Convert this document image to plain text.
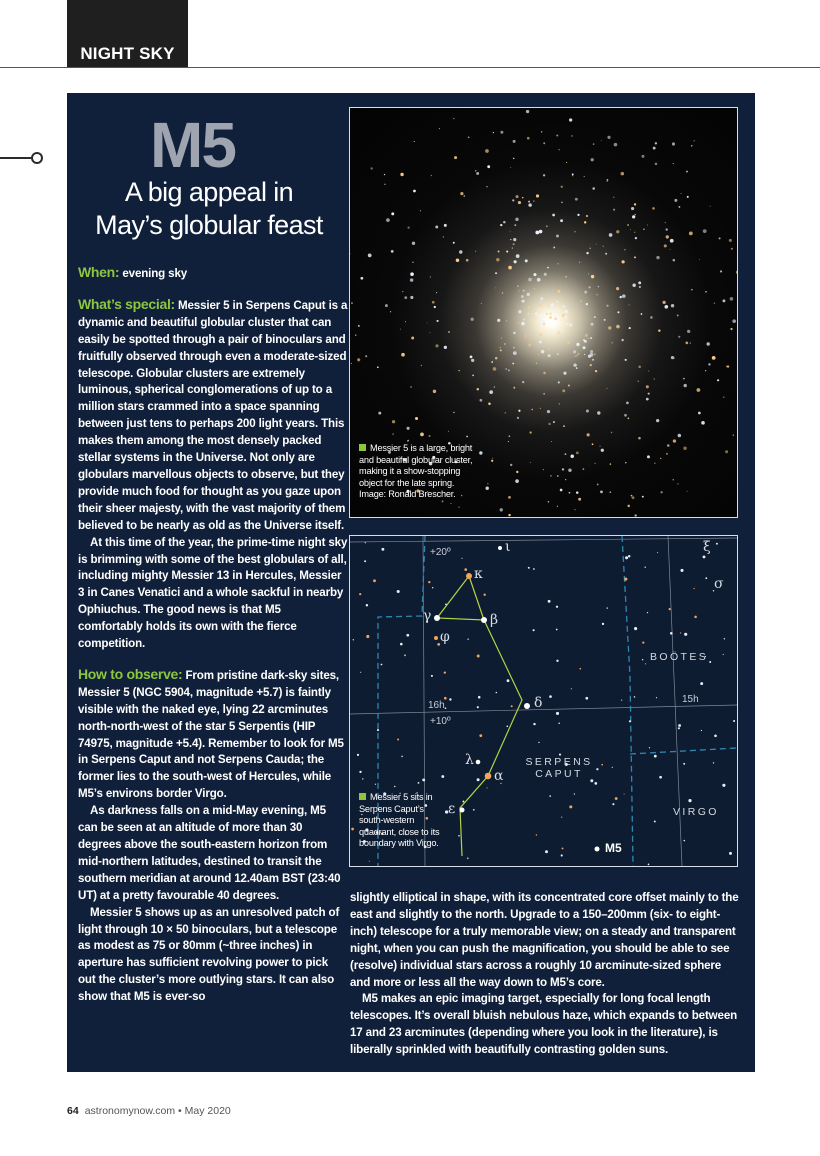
NIGHT SKY
M5
A big appeal in
May’s globular feast

When: evening sky

What’s special: Messier 5 in Serpens Caput is a dynamic and beautiful globular cluster that can easily be spotted through a pair of binoculars and fruitfully observed through even a moderate-sized telescope. Globular clusters are extremely luminous, spherical conglomerations of up to a million stars crammed into a space spanning between just tens to perhaps 200 light years. This makes them among the most densely packed stellar systems in the Universe. Not only are globulars marvellous objects to observe, but they provide much food for thought as you gaze upon their sheer majesty, with the vast majority of them believed to be nearly as old as the Universe itself.

At this time of the year, the prime-time night sky is brimming with some of the best globulars of all, including mighty Messier 13 in Hercules, Messier 3 in Canes Venatici and a whole sackful in nearby Ophiuchus. The good news is that M5 comfortably holds its own with the fierce competition.

How to observe: From pristine dark-sky sites, Messier 5 (NGC 5904, magnitude +5.7) is faintly visible with the naked eye, lying 22 arcminutes north-north-west of the star 5 Serpentis (HIP 74975, magnitude +5.4). Remember to look for M5 in Serpens Caput and not Serpens Cauda; the former lies to the south-west of Hercules, while M5’s environs border Virgo.

As darkness falls on a mid-May evening, M5 can be seen at an altitude of more than 30 degrees above the south-eastern horizon from mid-northern latitudes, destined to transit the southern meridian at around 12.40am BST (23:40 UT) at a pretty favourable 40 degrees.

Messier 5 shows up as an unresolved patch of light through 10 × 50 binoculars, but a telescope as modest as 75 or 80mm (~three inches) in aperture has sufficient revolving power to pick out the cluster’s more outlying stars. It can also show that M5 is ever-so

slightly elliptical in shape, with its concentrated core offset mainly to the east and slightly to the north. Upgrade to a 150–200mm (six- to eight-inch) telescope for a truly memorable view; on a steady and transparent night, when you can push the magnification, you should be able to see (resolve) individual stars across a roughly 10 arcminute-sized sphere and more or less all the way down to M5’s core.

M5 makes an epic imaging target, especially for long focal length telescopes. It’s overall bluish nebulous haze, which expands to between 17 and 23 arcminutes (depending where you look in the literature), is liberally sprinkled with beautifully contrasting golden suns.

Messier 5 is a large, bright and beautiful globular cluster, making it a show-stopping object for the late spring. Image: Ronald Brescher.
+20º
+10º
16h
15h
BOÖTES
SERPENS
CAPUT
VIRGO
M5
κ
γ	β
φ
δ
λ
α
ε
ι	ξ
σ
Messier 5 sits in Serpens Caput’s south-western quadrant, close to its boundary with Virgo.
64 astronomynow.com • May 2020
